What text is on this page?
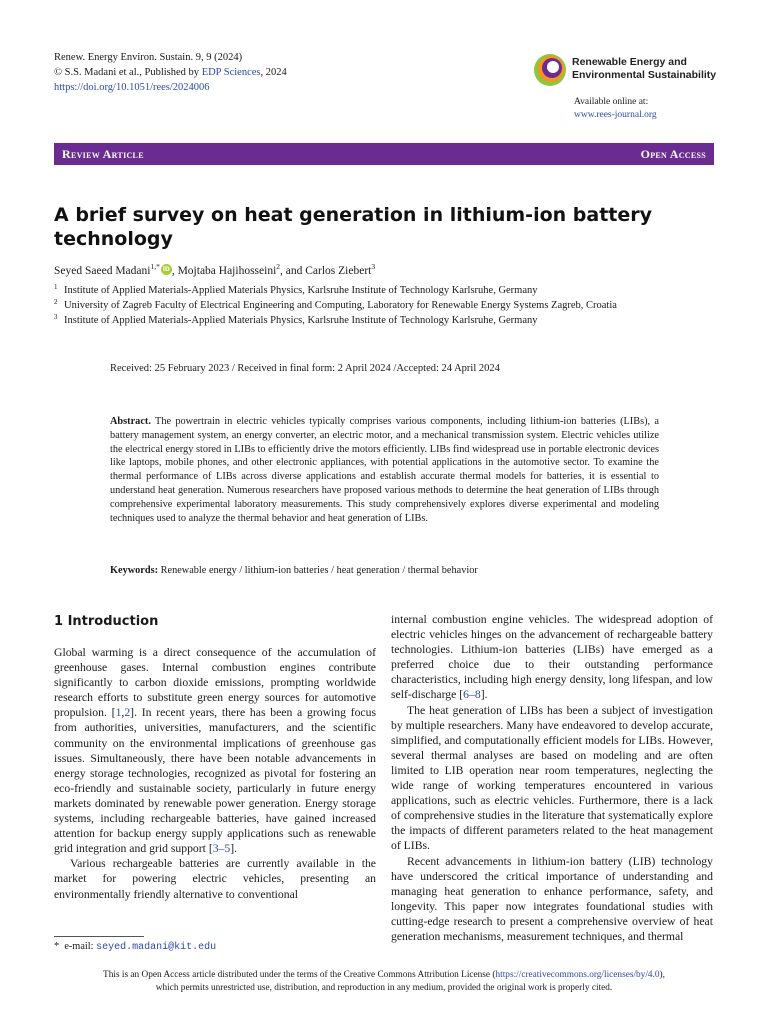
Renew. Energy Environ. Sustain. 9, 9 (2024)
© S.S. Madani et al., Published by EDP Sciences, 2024
https://doi.org/10.1051/rees/2024006
Renewable Energy and
Environmental Sustainability
Available online at:
www.rees-journal.org
Review Article	Open Access
A brief survey on heat generation in lithium-ion battery technology
Seyed Saeed Madani$^{1,*}$iD , Mojtaba Hajihosseini$^2$, and Carlos Ziebert$^3$
1 Institute of Applied Materials-Applied Materials Physics, Karlsruhe Institute of Technology Karlsruhe, Germany
2 University of Zagreb Faculty of Electrical Engineering and Computing, Laboratory for Renewable Energy Systems Zagreb, Croatia
3 Institute of Applied Materials-Applied Materials Physics, Karlsruhe Institute of Technology Karlsruhe, Germany
Received: 25 February 2023 / Received in final form: 2 April 2024 /Accepted: 24 April 2024
Abstract. The powertrain in electric vehicles typically comprises various components, including lithium-ion batteries (LIBs), a battery management system, an energy converter, an electric motor, and a mechanical transmission system. Electric vehicles utilize the electrical energy stored in LIBs to efficiently drive the motors efficiently. LIBs find widespread use in portable electronic devices like laptops, mobile phones, and other electronic appliances, with potential applications in the automotive sector. To examine the thermal performance of LIBs across diverse applications and establish accurate thermal models for batteries, it is essential to understand heat generation. Numerous researchers have proposed various methods to determine the heat generation of LIBs through comprehensive experimental laboratory measurements. This study comprehensively explores diverse experimental and modeling techniques used to analyze the thermal behavior and heat generation of LIBs.
Keywords: Renewable energy / lithium-ion batteries / heat generation / thermal behavior
1 Introduction

Global warming is a direct consequence of the accumulation of greenhouse gases. Internal combustion engines contribute significantly to carbon dioxide emissions, prompting worldwide research efforts to substitute green energy sources for automotive propulsion. [1,2]. In recent years, there has been a growing focus from authorities, universities, manufacturers, and the scientific community on the environmental implications of greenhouse gas issues. Simultaneously, there have been notable advancements in energy storage technologies, recognized as pivotal for fostering an eco-friendly and sustainable society, particularly in future energy markets dominated by renewable power generation. Energy storage systems, including rechargeable batteries, have gained increased attention for backup energy supply applications such as renewable grid integration and grid support [3–5].

Various rechargeable batteries are currently available in the market for powering electric vehicles, presenting an environmentally friendly alternative to conventional

internal combustion engine vehicles. The widespread adoption of electric vehicles hinges on the advancement of rechargeable battery technologies. Lithium-ion batteries (LIBs) have emerged as a preferred choice due to their outstanding performance characteristics, including high energy density, long lifespan, and low self-discharge [6–8].

The heat generation of LIBs has been a subject of investigation by multiple researchers. Many have endeavored to develop accurate, simplified, and computationally efficient models for LIBs. However, several thermal analyses are based on modeling and are often limited to LIB operation near room temperatures, neglecting the wide range of working temperatures encountered in various applications, such as electric vehicles. Furthermore, there is a lack of comprehensive studies in the literature that systematically explore the impacts of different parameters related to the heat management of LIBs.

Recent advancements in lithium-ion battery (LIB) technology have underscored the critical importance of understanding and managing heat generation to enhance performance, safety, and longevity. This paper now integrates foundational studies with cutting-edge research to present a comprehensive overview of heat generation mechanisms, measurement techniques, and thermal

* e-mail: seyed.madani@kit.edu
This is an Open Access article distributed under the terms of the Creative Commons Attribution License (https://creativecommons.org/licenses/by/4.0),
which permits unrestricted use, distribution, and reproduction in any medium, provided the original work is properly cited.
